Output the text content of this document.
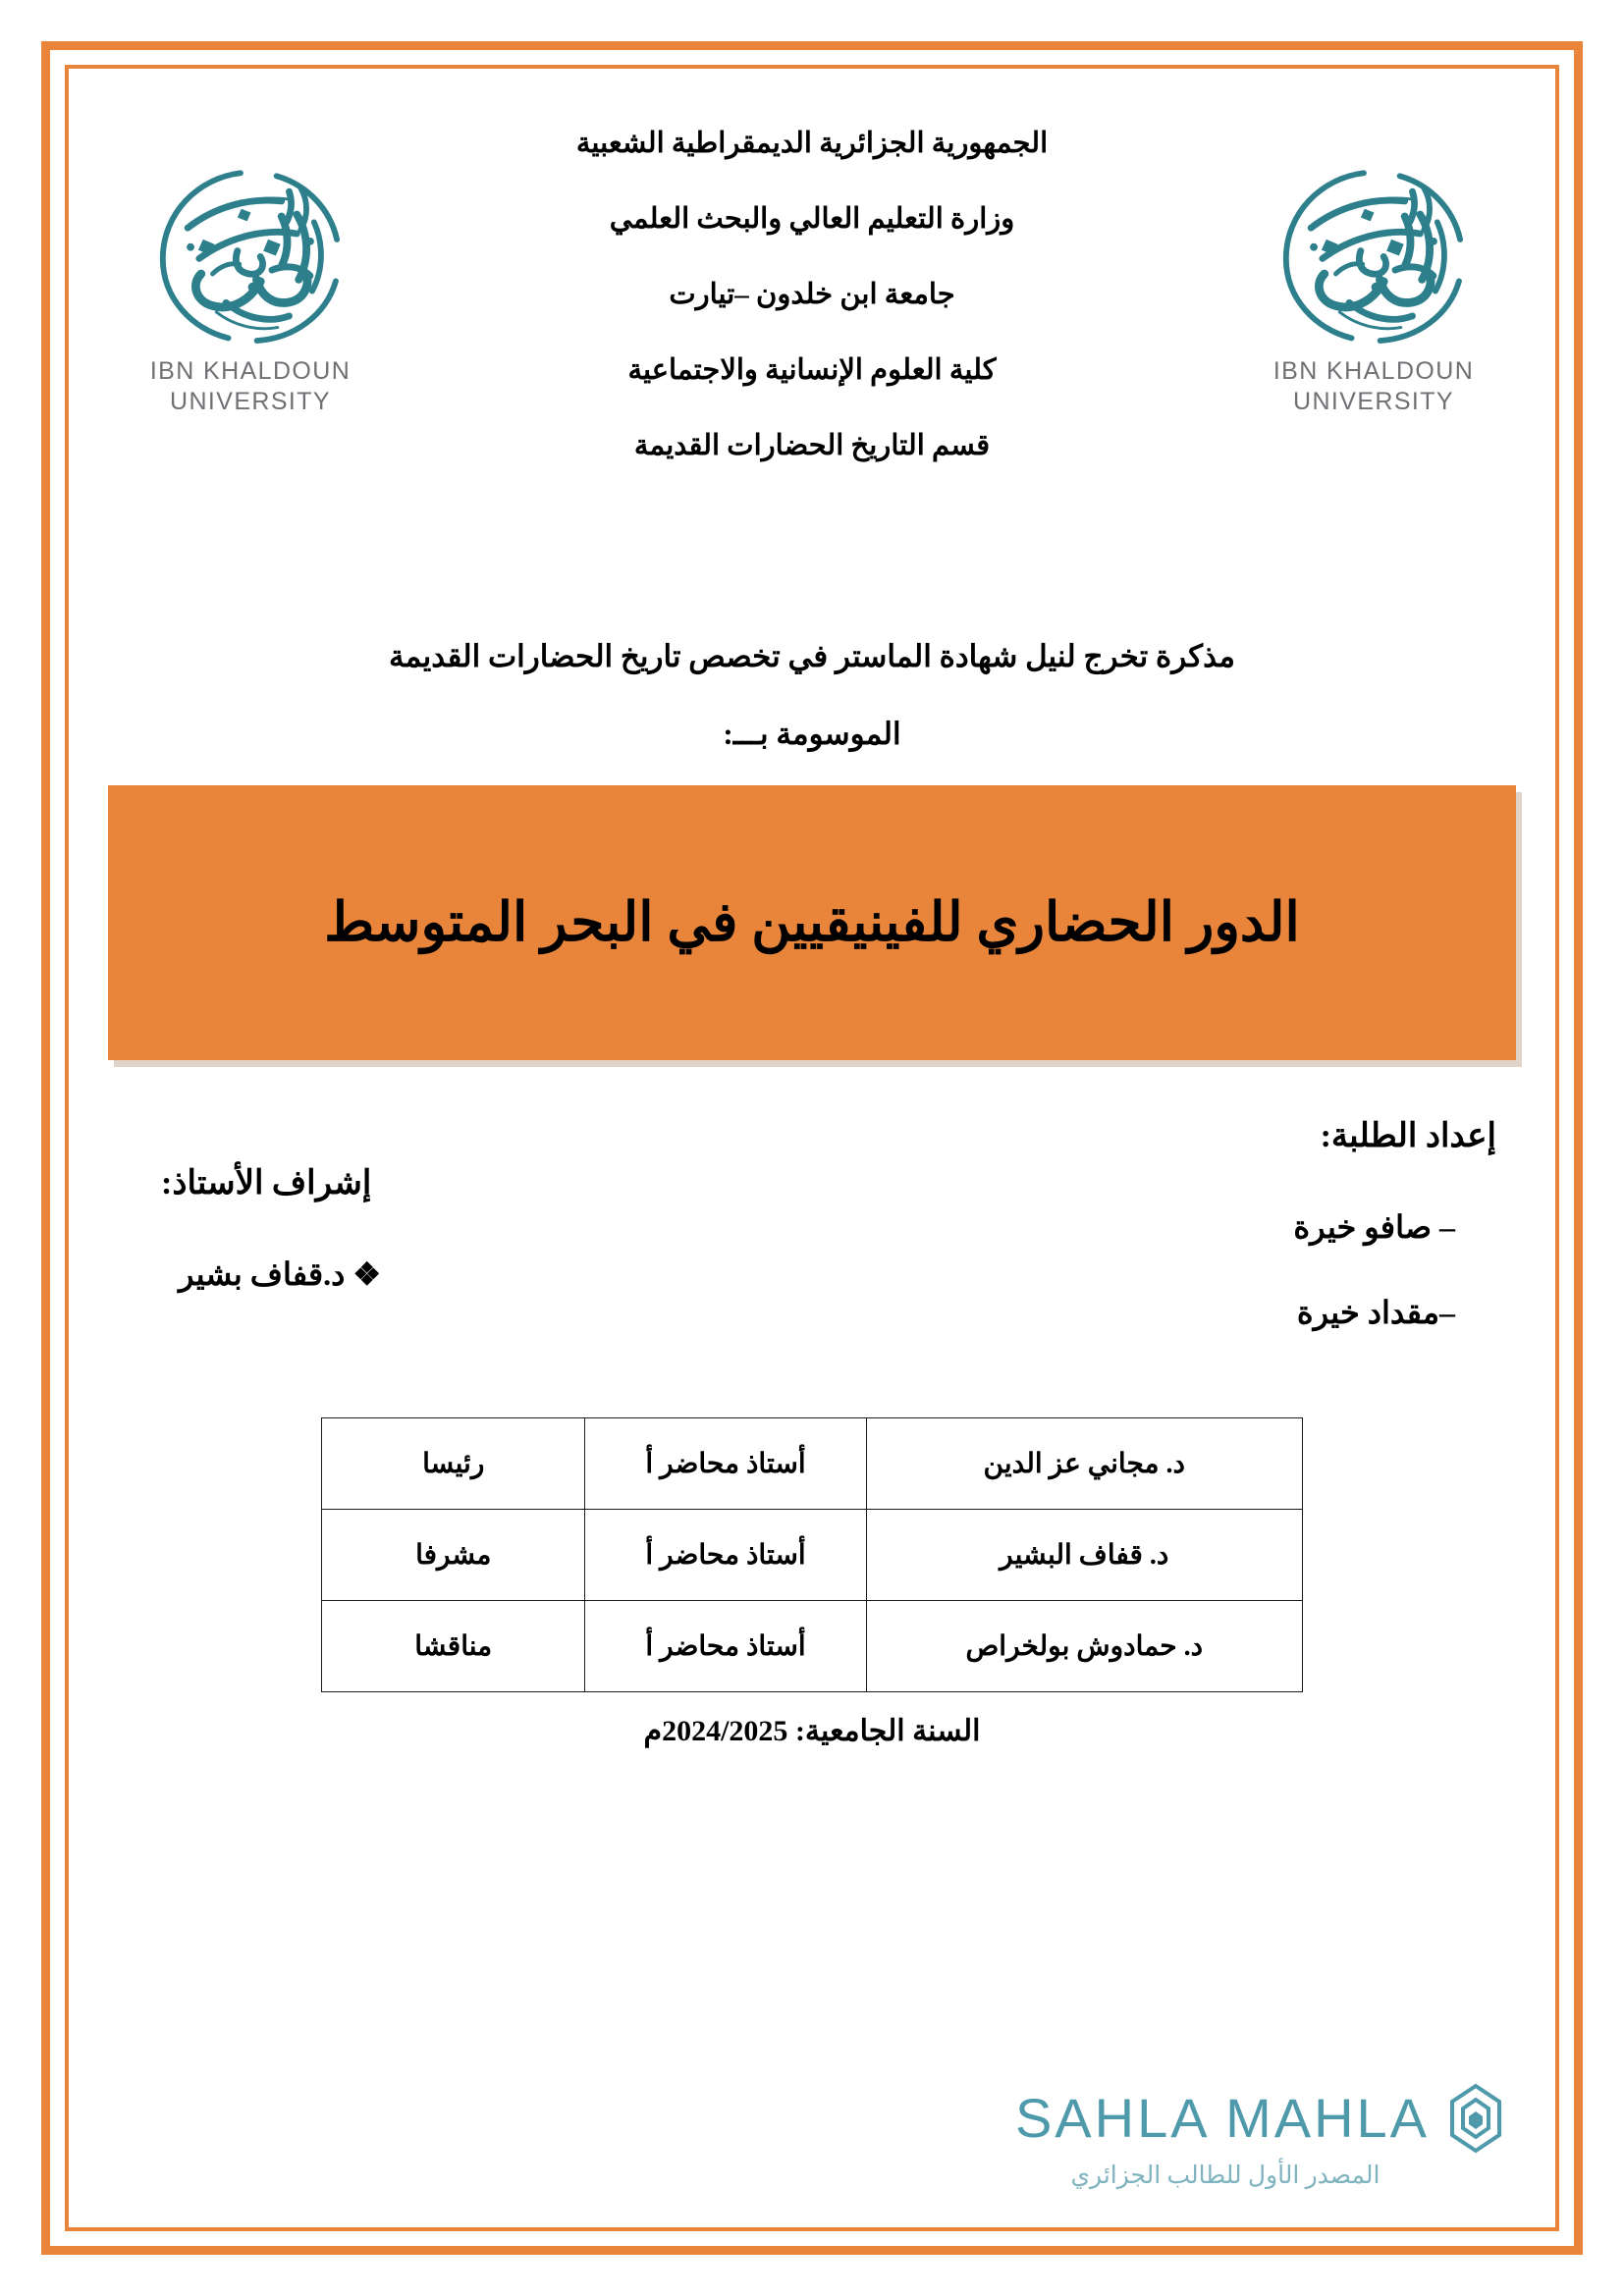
IBN KHALDOUN
UNIVERSITY
IBN KHALDOUN
UNIVERSITY
الجمهورية الجزائرية الديمقراطية الشعبية
وزارة التعليم العالي والبحث العلمي
جامعة ابن خلدون –تيارت
كلية العلوم الإنسانية والاجتماعية
قسم التاريخ الحضارات القديمة
مذكرة تخرج لنيل شهادة الماستر في تخصص تاريخ الحضارات القديمة
الموسومة بـــ:
الدور الحضاري للفينيقيين في البحر المتوسط
إعداد الطلبة:
– صافو خيرة
–مقداد خيرة
إشراف الأستاذ:
❖ د.قفاف بشير
د. مجاني عز الدين	أستاذ محاضر أ	رئيسا
د. قفاف البشير	أستاذ محاضر أ	مشرفا
د. حمادوش بولخراص	أستاذ محاضر أ	مناقشا
السنة الجامعية: 2024/2025م
SAHLA MAHLA
المصدر الأول للطالب الجزائري
